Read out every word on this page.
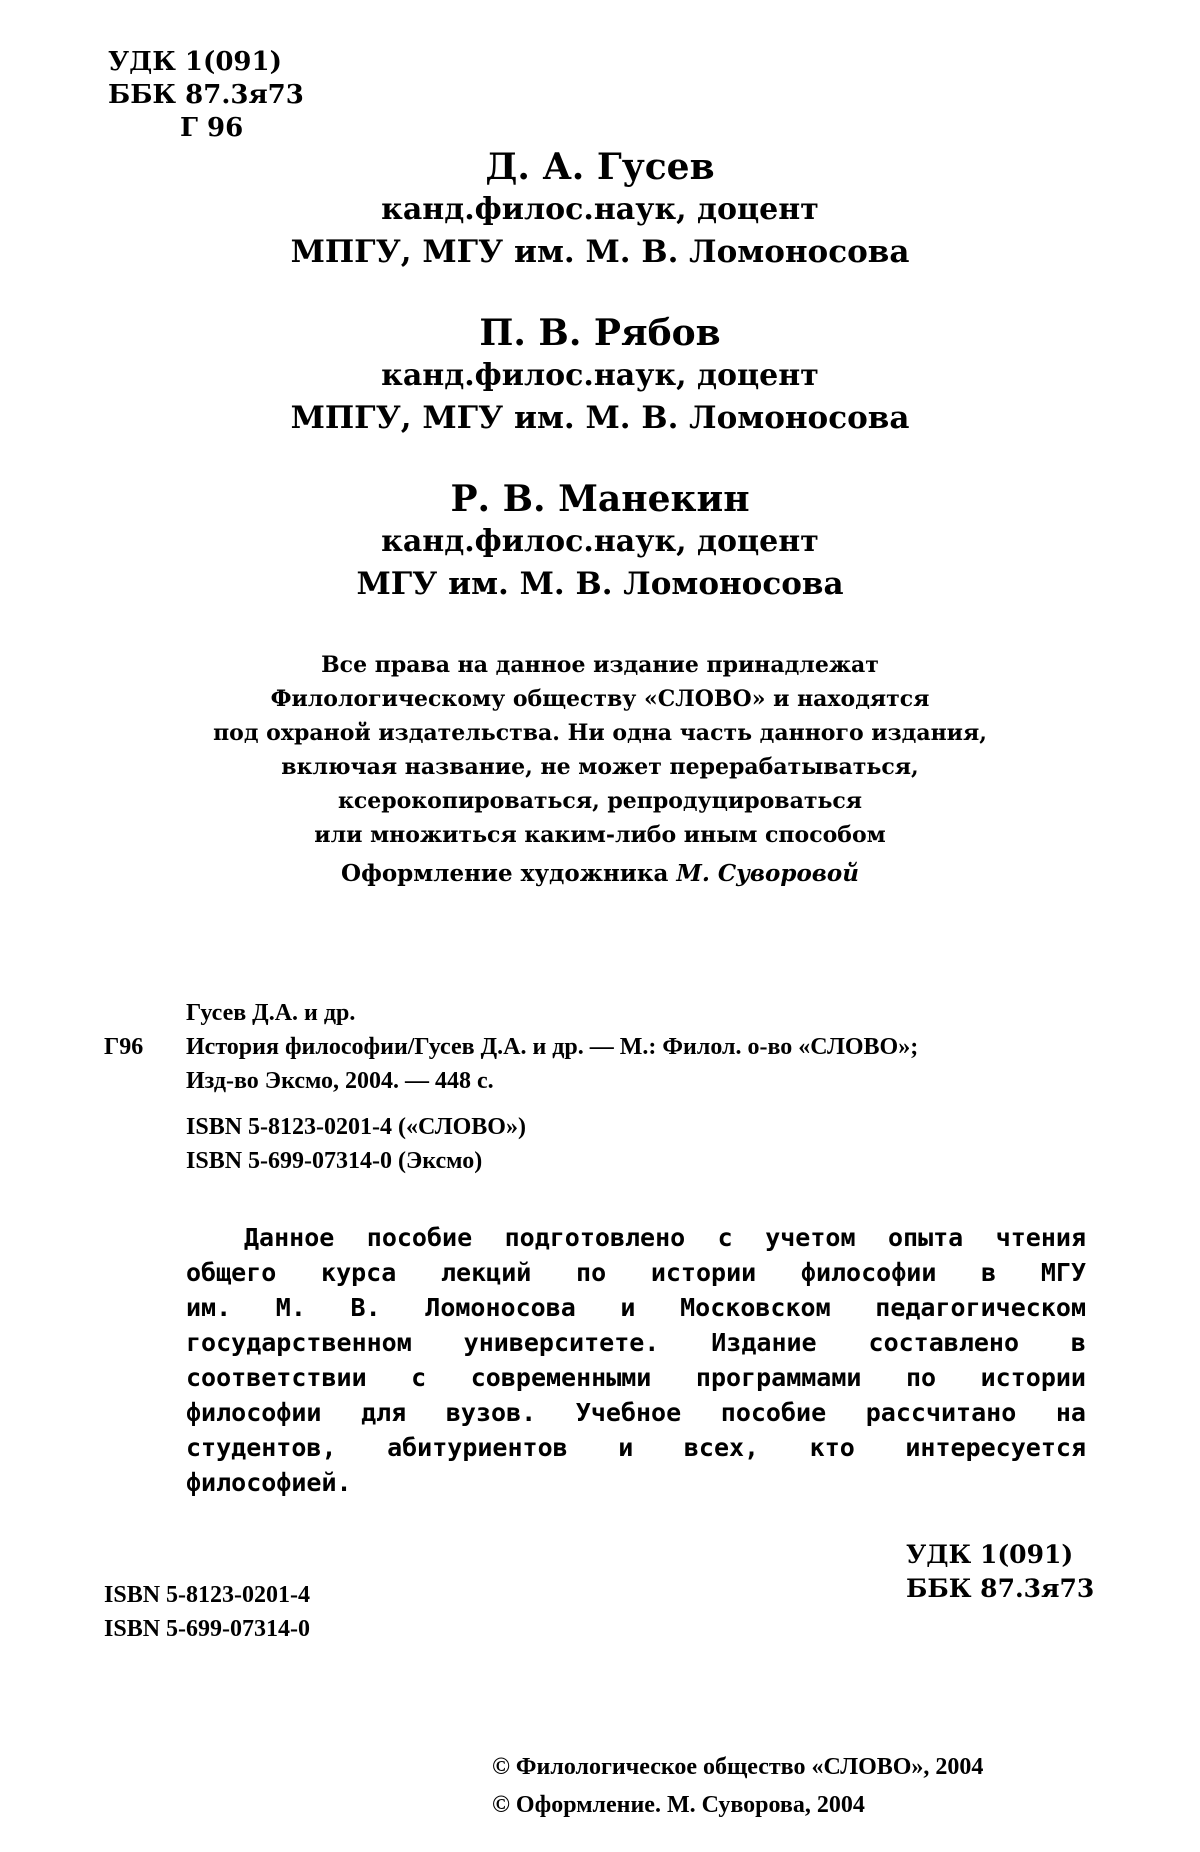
УДК 1(091)
ББК 87.3я73
Г 96
Д. А. Гусев
канд.филос.наук, доцент
МПГУ, МГУ им. М. В. Ломоносова
П. В. Рябов
канд.филос.наук, доцент
МПГУ, МГУ им. М. В. Ломоносова
Р. В. Манекин
канд.филос.наук, доцент
МГУ им. М. В. Ломоносова
Все права на данное издание принадлежат
Филологическому обществу «СЛОВО» и находятся
под охраной издательства. Ни одна часть данного издания,
включая название, не может перерабатываться,
ксерокопироваться, репродуцироваться
или множиться каким-либо иным способом
Оформление художника М. Суворовой
Гусев Д.А. и др.
Г96 История философии/Гусев Д.А. и др. — М.: Филол. о-во «СЛОВО»;
Изд-во Эксмо, 2004. — 448 с.
ISBN 5-8123-0201-4 («СЛОВО»)
ISBN 5-699-07314-0 (Эксмо)
Данное пособие подготовлено с учетом опыта чтения
общего курса лекций по истории философии в МГУ
им. М. В. Ломоносова и Московском педагогическом
государственном университете. Издание составлено в
соответствии с современными программами по истории
философии для вузов. Учебное пособие рассчитано на
студентов, абитуриентов и всех, кто интересуется
философией.
УДК 1(091)
ББК 87.3я73
ISBN 5-8123-0201-4
ISBN 5-699-07314-0
© Филологическое общество «СЛОВО», 2004
© Оформление. М. Суворова, 2004
